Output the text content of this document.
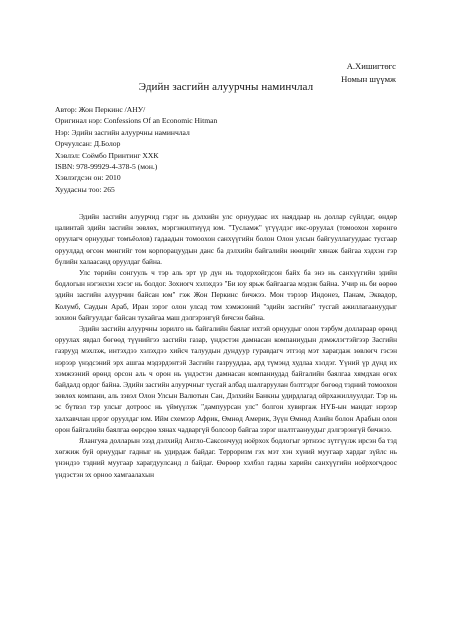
А.Хишигтөгс
Номын шүүмж
Эдийн засгийн алуурчны наминчлал
Автор: Жон Перкинс /АНУ/
Оригинал нэр: Confessions Of an Economic Hitman
Нэр: Эдийн засгийн алуурчны наминчлал
Орчуулсан: Д.Болор
Хэвлэл: Соёмбо Принтинг ХХК
ISBN: 978-99929-4-378-5 (мон.)
Хэвлэгдсэн он: 2010
Хуудасны тоо: 265

Эдийн засгийн алуурчид гэдэг нь дэлхийн улс орнуудаас их наяддаар нь доллар сүйлдаг, өндөр цалинтай эдийн засгийн зөвлөх, мэргэжилтнүүд юм. "Тусламж" үгүүлдэг икс-оруулал (томоохон хөрөнгө оруулагч орнуудыг томъёолов) гадаадын томоохон санхүүгийн болон Олон улсын байгууллагуудаас тусгаар оруулдад өгсөн мөнгийг том корпорацуудын данс ба дэлхийн байгалийн нөөцийг хянаж байгаа хэдхэн гэр бүлийн халаасанд оруулдаг байна.

Улс төрийн сонгууль ч тэр аль эрт үр дүн нь тодорхойгдсон байх ба энэ нь санхүүгийн эдийн бодлогын нэгэнхэн хэсэг нь болдог. Зохиогч хэлэхдээ "Би юу ярьж байгаагаа мэдэж байна. Учир нь би өөрөө эдийн засгийн алуурчин байсан юм" гэж Жон Перкинс бичжээ. Мон тэрээр Индонез, Панам, Эквадор, Колумб, Саудын Араб, Иран зэрэг олон улсад том хэмжээний "эдийн засгийн" тусгай ажиллагаануудыг зохион байгуулдаг байсан тухайгаа маш дэлгэрэнгүй бичсэн байна.

Эдийн засгийн алуурчны зорилго нь байгалийн баялаг ихтэй орнуудыг олон тэрбум доллараар өрөнд оруулах явдал бөгөөд түүнийгээ засгийн газар, үндэстэн дамнасан компаниудын дэмжлэгтэйгээр Засгийн газрууд мэхлэж, интэхдээ хэлэхдээ хийсч талуудын дундуур гуравдагч этгээд мэт харагдаж зөвлөгч гэсэн нэрээр үнэдсэний эрх ашгаа мэдэрдэнтэй Засгийн газрууддаа, ард түмэнд худлаа хэлдэг. Үүний үр дүнд их хэмжээний өрөнд орсон аль ч орон нь үндэстэн дамнасан компаниудад байгалийн баялгаа хямдхан өгөх байдалд ордог байна. Эдийн засгийн алуурчныг тусгай албад шалгаруулан бэлтгэдэг бөгөөд тэдний томоохон зөвлөх компани, аль зэвэл Олон Улсын Валютын Сан, Дэлхийн Банкны удирдлагад ойрхажиллуулдаг. Тэр нь эс бүтвэл тэр улсыг дотроос нь үймүүлэж "дампуурсан улс" болгон хувиргаж НҮБ-ын мандат нэрээр халхавчлан цэрэг оруулдаг юм. Ийм схемээр Африк, Өмнөд Америк, Зүүн Өмнөд Азийн болон Арабын олон орон байгалийн баялгаа өөрсдөө хянах чадваргүй болсоор байгаа зэрэг шалтгаануудыг дэлгэрэнгүй бичжээ.

Ялангуяа долларын эзэд дэлхийд Англо-Саксончууд ноёрхох бодлогыг эртнээс зүтгүүлж ирсэн ба тэд хөгжиж буй орнуудыг гадныг нь удирдаж байдаг. Терроризм гэх мэт хэн хүний муугаар хардаг зүйлс нь үнэндээ тэдний муугаар харагдуулсанд л байдаг. Өөрөөр хэлбэл гадны харийн санхүүгийн ноёрхогчдоос үндэстэн эх орноо хамгаалахын
